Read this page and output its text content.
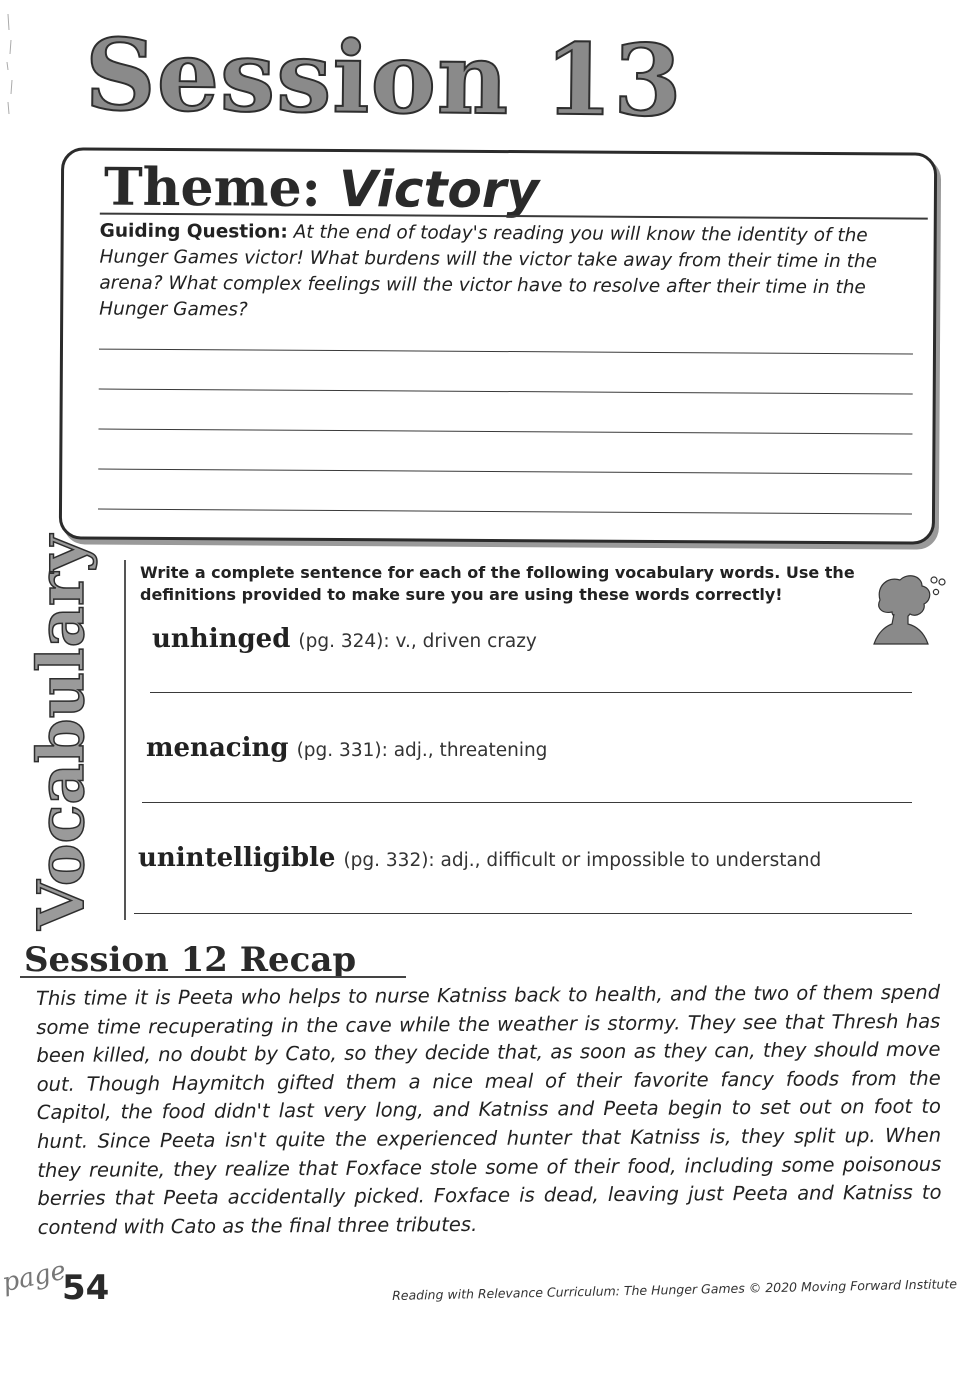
Session 13
Theme: Victory
Guiding Question: At the end of today's reading you will know the identity of the Hunger Games victor! What burdens will the victor take away from their time in the arena? What complex feelings will the victor have to resolve after their time in the Hunger Games?
Vocabulary	Write a complete sentence for each of the following vocabulary words. Use the definitions provided to make sure you are using these words correctly!
unhinged (pg. 324): v., driven crazy
menacing (pg. 331): adj., threatening
unintelligible (pg. 332): adj., difficult or impossible to understand
Session 12 Recap
This time it is Peeta who helps to nurse Katniss back to health, and the two of them spend some time recuperating in the cave while the weather is stormy. They see that Thresh has been killed, no doubt by Cato, so they decide that, as soon as they can, they should move out. Though Haymitch gifted them a nice meal of their favorite fancy foods from the Capitol, the food didn't last very long, and Katniss and Peeta begin to set out on foot to hunt. Since Peeta isn't quite the experienced hunter that Katniss is, they split up. When they reunite, they realize that Foxface stole some of their food, including some poisonous berries that Peeta accidentally picked. Foxface is dead, leaving just Peeta and Katniss to contend with Cato as the final three tributes.
page
54	Reading with Relevance Curriculum: The Hunger Games © 2020 Moving Forward Institute
